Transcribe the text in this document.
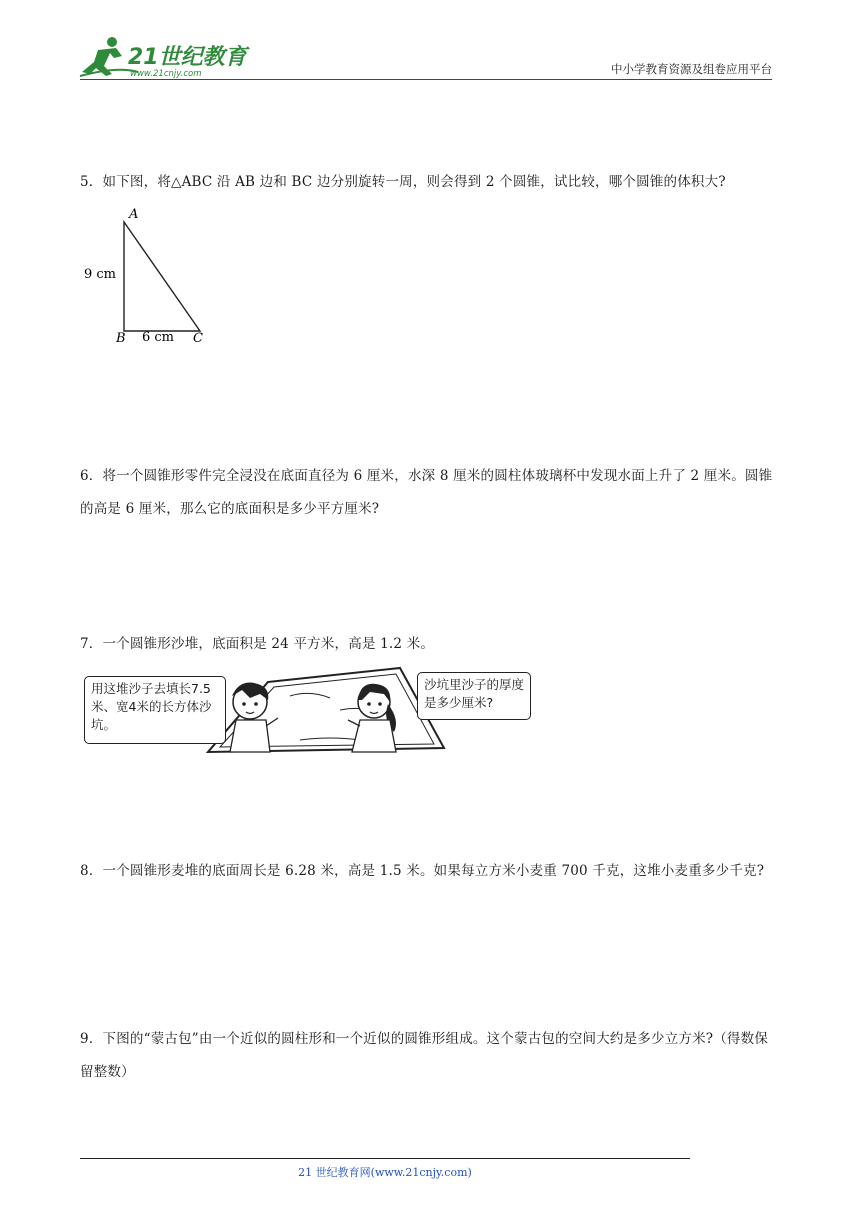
21世纪教育
www.21cnjy.com	中小学教育资源及组卷应用平台
5．如下图，将△ABC 沿 AB 边和 BC 边分别旋转一周，则会得到 2 个圆锥，试比较，哪个圆锥的体积大?
A
B	C
9 cm
6 cm
6．将一个圆锥形零件完全浸没在底面直径为 6 厘米，水深 8 厘米的圆柱体玻璃杯中发现水面上升了 2 厘米。圆锥的高是 6 厘米，那么它的底面积是多少平方厘米?
7．一个圆锥形沙堆，底面积是 24 平方米，高是 1.2 米。
用这堆沙子去填长7.5米、宽4米的长方体沙坑。
沙坑里沙子的厚度是多少厘米?
8．一个圆锥形麦堆的底面周长是 6.28 米，高是 1.5 米。如果每立方米小麦重 700 千克，这堆小麦重多少千克?
9．下图的“蒙古包”由一个近似的圆柱形和一个近似的圆锥形组成。这个蒙古包的空间大约是多少立方米?（得数保留整数）
21 世纪教育网(www.21cnjy.com)
